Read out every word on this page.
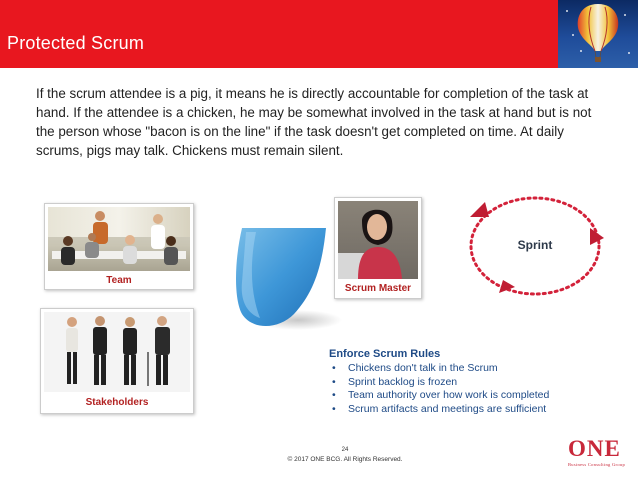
Protected Scrum
If the scrum attendee is a pig, it means he is directly accountable for completion of the task at hand. If the attendee is a chicken, he may be somewhat involved in the task at hand but is not the person whose "bacon is on the line" if the task doesn't get completed on time. At daily scrums, pigs may talk. Chickens must remain silent.
Team
Stakeholders
Scrum Master
Sprint
Enforce Scrum Rules
• Chickens don't talk in the Scrum
• Sprint backlog is frozen
• Team authority over how work is completed
• Scrum artifacts and meetings are sufficient
24
© 2017 ONE BCG. All Rights Reserved.	ONE
Business Consulting Group
